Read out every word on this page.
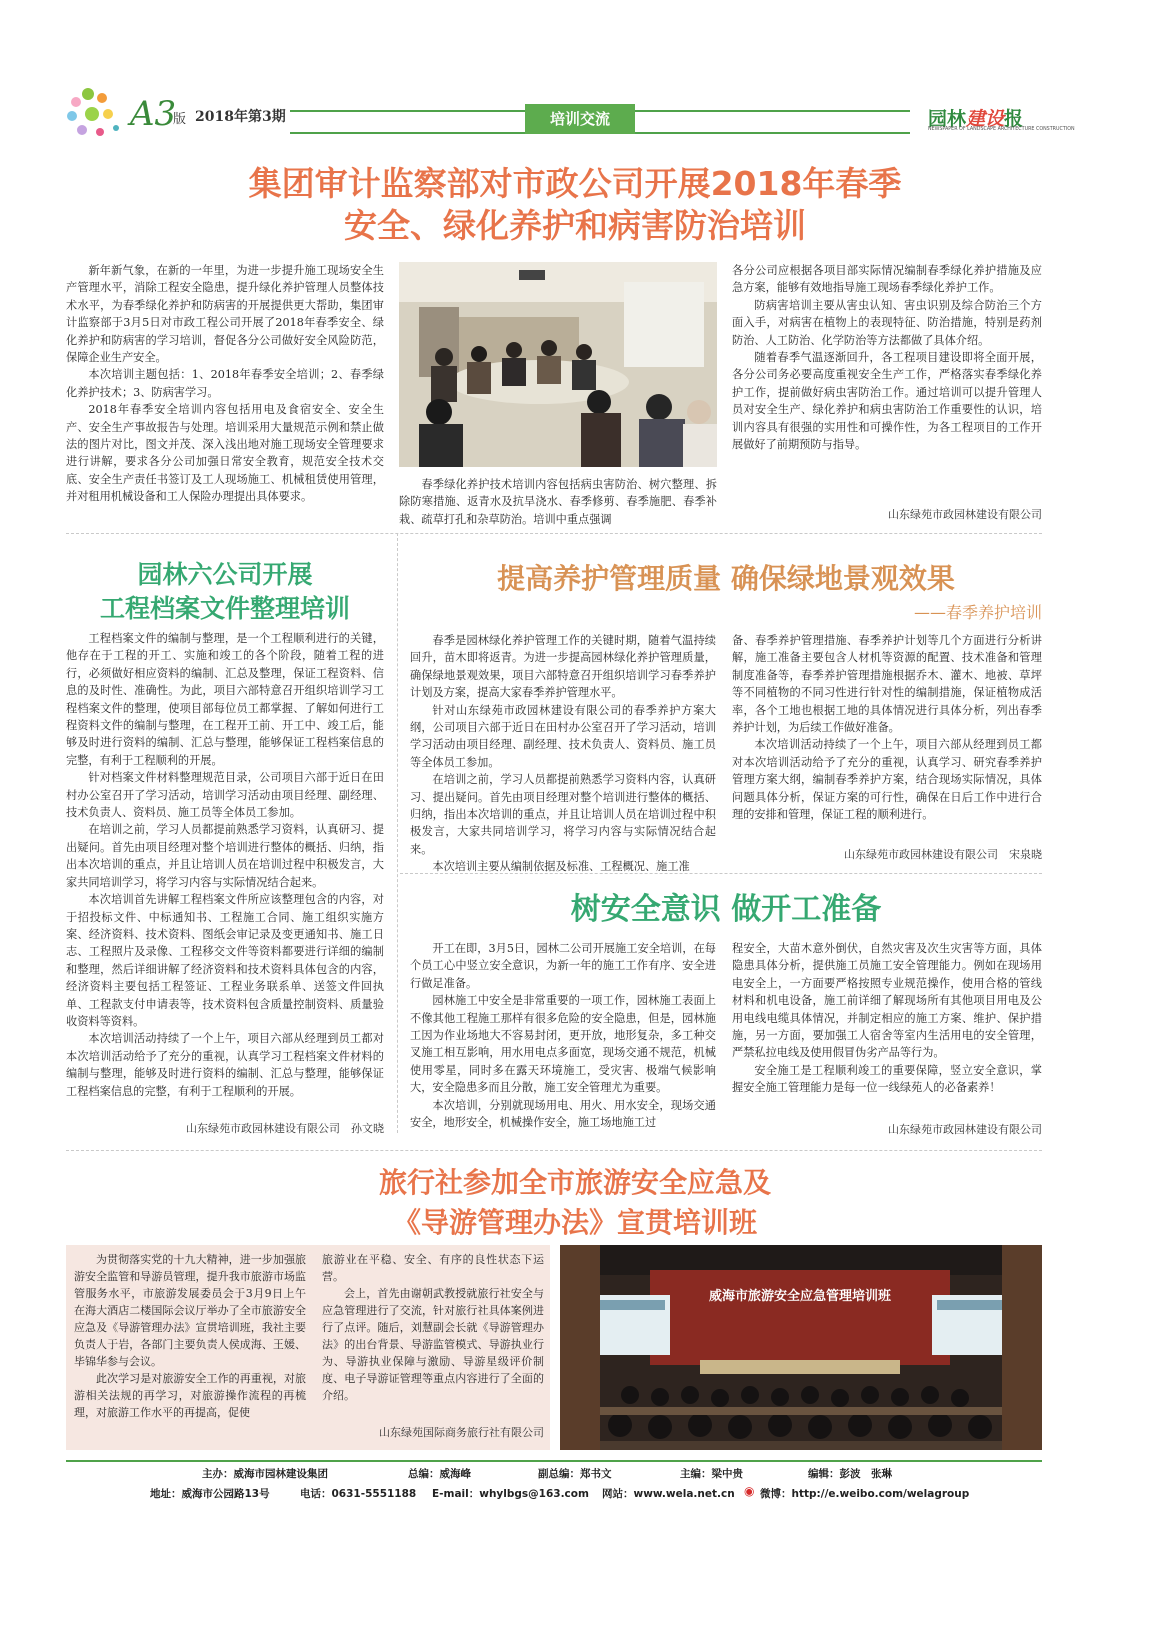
A3
版 2018年第3期	培训交流	园林建设报
NEWSPAPER OF LANDSCAPE ARCHITECTURE CONSTRUCTION
集团审计监察部对市政公司开展2018年春季
安全、绿化养护和病害防治培训

新年新气象，在新的一年里，为进一步提升施工现场安全生产管理水平，消除工程安全隐患，提升绿化养护管理人员整体技术水平，为春季绿化养护和防病害的开展提供更大帮助，集团审计监察部于3月5日对市政工程公司开展了2018年春季安全、绿化养护和防病害的学习培训，督促各分公司做好安全风险防范，保障企业生产安全。

本次培训主题包括：1、2018年春季安全培训；2、春季绿化养护技术；3、防病害学习。

2018年春季安全培训内容包括用电及食宿安全、安全生产、安全生产事故报告与处理。培训采用大量规范示例和禁止做法的图片对比，图文并茂、深入浅出地对施工现场安全管理要求进行讲解，要求各分公司加强日常安全教育，规范安全技术交底、安全生产责任书签订及工人现场施工、机械租赁使用管理，并对租用机械设备和工人保险办理提出具体要求。

春季绿化养护技术培训内容包括病虫害防治、树穴整理、拆除防寒措施、返青水及抗旱浇水、春季修剪、春季施肥、春季补栽、疏草打孔和杂草防治。培训中重点强调

各分公司应根据各项目部实际情况编制春季绿化养护措施及应急方案，能够有效地指导施工现场春季绿化养护工作。

防病害培训主要从害虫认知、害虫识别及综合防治三个方面入手，对病害在植物上的表现特征、防治措施，特别是药剂防治、人工防治、化学防治等方法都做了具体介绍。

随着春季气温逐渐回升，各工程项目建设即将全面开展，各分公司务必要高度重视安全生产工作，严格落实春季绿化养护工作，提前做好病虫害防治工作。通过培训可以提升管理人员对安全生产、绿化养护和病虫害防治工作重要性的认识，培训内容具有很强的实用性和可操作性，为各工程项目的工作开展做好了前期预防与指导。

山东绿苑市政园林建设有限公司
园林六公司开展
工程档案文件整理培训

工程档案文件的编制与整理，是一个工程顺利进行的关键，他存在于工程的开工、实施和竣工的各个阶段，随着工程的进行，必须做好相应资料的编制、汇总及整理，保证工程资料、信息的及时性、准确性。为此，项目六部特意召开组织培训学习工程档案文件的整理，使项目部每位员工都掌握、了解如何进行工程资料文件的编制与整理，在工程开工前、开工中、竣工后，能够及时进行资料的编制、汇总与整理，能够保证工程档案信息的完整，有利于工程顺利的开展。

针对档案文件材料整理规范目录，公司项目六部于近日在田村办公室召开了学习活动，培训学习活动由项目经理、副经理、技术负责人、资料员、施工员等全体员工参加。

在培训之前，学习人员都提前熟悉学习资料，认真研习、提出疑问。首先由项目经理对整个培训进行整体的概括、归纳，指出本次培训的重点，并且让培训人员在培训过程中积极发言，大家共同培训学习，将学习内容与实际情况结合起来。

本次培训首先讲解工程档案文件所应该整理包含的内容，对于招投标文件、中标通知书、工程施工合同、施工组织实施方案、经济资料、技术资料、图纸会审记录及变更通知书、施工日志、工程照片及录像、工程移交文件等资料都要进行详细的编制和整理，然后详细讲解了经济资料和技术资料具体包含的内容，经济资料主要包括工程签证、工程业务联系单、送签文件回执单、工程款支付申请表等，技术资料包含质量控制资料、质量验收资料等资料。

本次培训活动持续了一个上午，项目六部从经理到员工都对本次培训活动给予了充分的重视，认真学习工程档案文件材料的编制与整理，能够及时进行资料的编制、汇总与整理，能够保证工程档案信息的完整，有利于工程顺利的开展。

山东绿苑市政园林建设有限公司　孙文晓
提高养护管理质量 确保绿地景观效果
——春季养护培训

春季是园林绿化养护管理工作的关键时期，随着气温持续回升，苗木即将返青。为进一步提高园林绿化养护管理质量，确保绿地景观效果，项目六部特意召开组织培训学习春季养护计划及方案，提高大家春季养护管理水平。

针对山东绿苑市政园林建设有限公司的春季养护方案大纲，公司项目六部于近日在田村办公室召开了学习活动，培训学习活动由项目经理、副经理、技术负责人、资料员、施工员等全体员工参加。

在培训之前，学习人员都提前熟悉学习资料内容，认真研习、提出疑问。首先由项目经理对整个培训进行整体的概括、归纳，指出本次培训的重点，并且让培训人员在培训过程中积极发言，大家共同培训学习，将学习内容与实际情况结合起来。

本次培训主要从编制依据及标准、工程概况、施工准

备、春季养护管理措施、春季养护计划等几个方面进行分析讲解，施工准备主要包含人材机等资源的配置、技术准备和管理制度准备等，春季养护管理措施根据乔木、灌木、地被、草坪等不同植物的不同习性进行针对性的编制措施，保证植物成活率，各个工地也根据工地的具体情况进行具体分析，列出春季养护计划，为后续工作做好准备。

本次培训活动持续了一个上午，项目六部从经理到员工都对本次培训活动给予了充分的重视，认真学习、研究春季养护管理方案大纲，编制春季养护方案，结合现场实际情况，具体问题具体分析，保证方案的可行性，确保在日后工作中进行合理的安排和管理，保证工程的顺利进行。

山东绿苑市政园林建设有限公司　宋泉晓
树安全意识 做开工准备

开工在即，3月5日，园林二公司开展施工安全培训，在每个员工心中竖立安全意识，为新一年的施工工作有序、安全进行做足准备。

园林施工中安全是非常重要的一项工作，园林施工表面上不像其他工程施工那样有很多危险的安全隐患，但是，园林施工因为作业场地大不容易封闭，更开放，地形复杂，多工种交叉施工相互影响，用水用电点多面宽，现场交通不规范，机械使用零星，同时多在露天环境施工，受灾害、极端气候影响大，安全隐患多而且分散，施工安全管理尤为重要。

本次培训，分别就现场用电、用火、用水安全，现场交通安全，地形安全，机械操作安全，施工场地施工过

程安全，大苗木意外倒伏，自然灾害及次生灾害等方面，具体隐患具体分析，提供施工员施工安全管理能力。例如在现场用电安全上，一方面要严格按照专业规范操作，使用合格的管线材料和机电设备，施工前详细了解现场所有其他项目用电及公用电线电缆具体情况，并制定相应的施工方案、维护、保护措施，另一方面，要加强工人宿舍等室内生活用电的安全管理，严禁私拉电线及使用假冒伪劣产品等行为。

安全施工是工程顺利竣工的重要保障，竖立安全意识，掌握安全施工管理能力是每一位一线绿苑人的必备素养！

山东绿苑市政园林建设有限公司
旅行社参加全市旅游安全应急及
《导游管理办法》宣贯培训班

为贯彻落实党的十九大精神，进一步加强旅游安全监管和导游员管理，提升我市旅游市场监管服务水平，市旅游发展委员会于3月9日上午在海大酒店二楼国际会议厅举办了全市旅游安全应急及《导游管理办法》宣贯培训班，我社主要负责人于岩，各部门主要负责人侯成海、王媛、毕锦华参与会议。

此次学习是对旅游安全工作的再重视，对旅游相关法规的再学习，对旅游操作流程的再梳理，对旅游工作水平的再提高，促使

旅游业在平稳、安全、有序的良性状态下运营。

会上，首先由谢朝武教授就旅行社安全与应急管理进行了交流，针对旅行社具体案例进行了点评。随后，刘慧副会长就《导游管理办法》的出台背景、导游监管模式、导游执业行为、导游执业保障与激励、导游星级评价制度、电子导游证管理等重点内容进行了全面的介绍。

山东绿苑国际商务旅行社有限公司
威海市旅游安全应急管理培训班
主办：威海市园林建设集团	总编：威海峰	副总编：郑书文	主编：梁中贵	编辑：彭波　张琳
地址：威海市公园路13号	电话：0631-5551188 E-mail：whylbgs@163.com 网站：www.wela.net.cn ◉ 微博：http://e.weibo.com/welagroup
